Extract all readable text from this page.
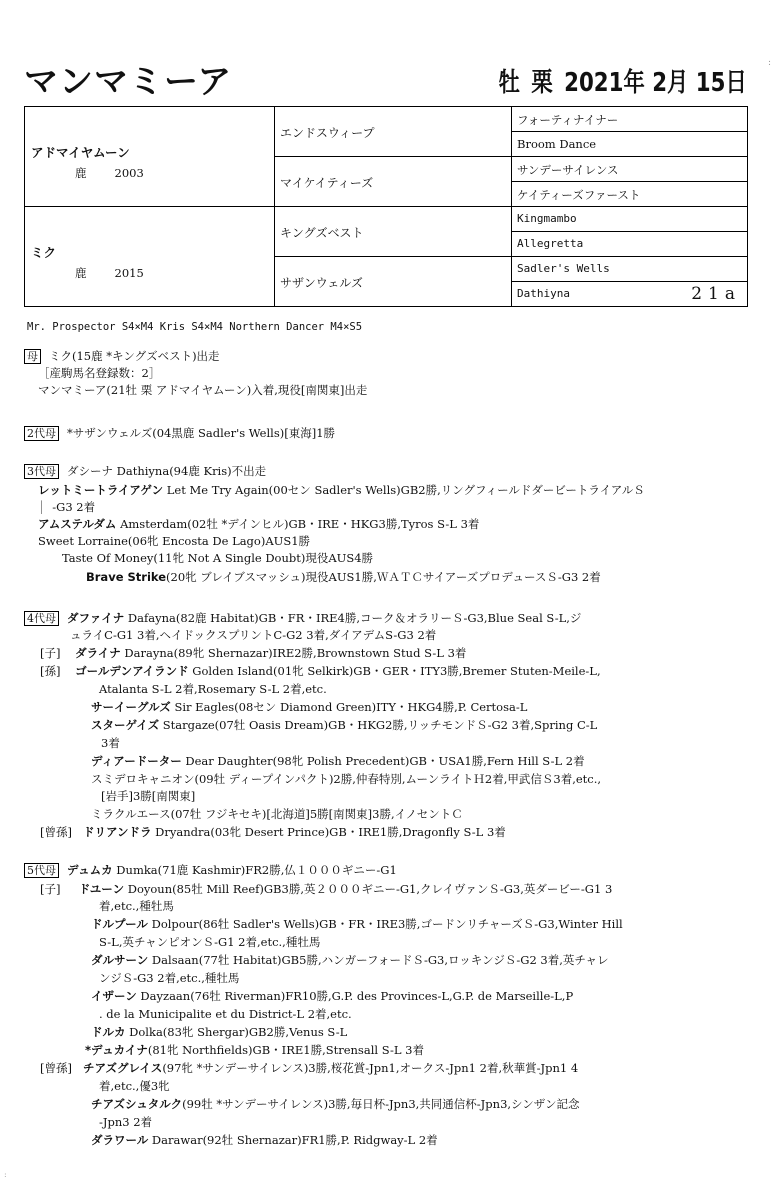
マンマミーア	牡 栗 2021年 2月 15日
:
アドマイヤムーン
鹿 2003
ミク
鹿 2015
エンドスウィープ
マイケイティーズ
キングズベスト
サザンウェルズ
フォーティナイナー
Broom Dance
サンデーサイレンス
ケイティーズファースト
Kingmambo
Allegretta
Sadler's Wells
Dathiyna	21a
Mr. Prospector S4×M4 Kris S4×M4 Northern Dancer M4×S5
母 ミク(15鹿 *キングズベスト)出走
［産駒馬名登録数：2］
マンマミーア(21牡 栗 アドマイヤムーン)入着,現役[南関東]出走
2代母 *サザンウェルズ(04黒鹿 Sadler's Wells)[東海]1勝
3代母 ダシーナ Dathiyna(94鹿 Kris)不出走
レットミートライアゲン Let Me Try Again(00セン Sadler's Wells)GB2勝,リングフィールドダービートライアルＳ
│ -G3 2着
アムステルダム Amsterdam(02牡 *デインヒル)GB・IRE・HKG3勝,Tyros S-L 3着
Sweet Lorraine(06牝 Encosta De Lago)AUS1勝
Taste Of Money(11牝 Not A Single Doubt)現役AUS4勝
Brave Strike(20牝 ブレイブスマッシュ)現役AUS1勝,ＷＡＴＣサイアーズプロデュースＳ-G3 2着
4代母 ダファイナ Dafayna(82鹿 Habitat)GB・FR・IRE4勝,コーク＆オラリーＳ-G3,Blue Seal S-L,ジ
ュライC-G1 3着,ヘイドックスプリントC-G2 3着,ダイアデムS-G3 2着
[子] ダライナ Darayna(89牝 Shernazar)IRE2勝,Brownstown Stud S-L 3着
[孫] ゴールデンアイランド Golden Island(01牝 Selkirk)GB・GER・ITY3勝,Bremer Stuten-Meile-L,
Atalanta S-L 2着,Rosemary S-L 2着,etc.
サーイーグルズ Sir Eagles(08セン Diamond Green)ITY・HKG4勝,P. Certosa-L
スターゲイズ Stargaze(07牡 Oasis Dream)GB・HKG2勝,リッチモンドＳ-G2 3着,Spring C-L
3着
ディアードーター Dear Daughter(98牝 Polish Precedent)GB・USA1勝,Fern Hill S-L 2着
スミデロキャニオン(09牡 ディープインパクト)2勝,仲春特別,ムーンライトＨ2着,甲武信Ｓ3着,etc.,
[岩手]3勝[南関東]
ミラクルエース(07牡 フジキセキ)[北海道]5勝[南関東]3勝,イノセントＣ
[曾孫] ドリアンドラ Dryandra(03牝 Desert Prince)GB・IRE1勝,Dragonfly S-L 3着
5代母 デュムカ Dumka(71鹿 Kashmir)FR2勝,仏１０００ギニー-G1
[子] ドユーン Doyoun(85牡 Mill Reef)GB3勝,英２０００ギニー-G1,クレイヴァンＳ-G3,英ダービー-G1 3
着,etc.,種牡馬
ドルプール Dolpour(86牡 Sadler's Wells)GB・FR・IRE3勝,ゴードンリチャーズＳ-G3,Winter Hill
S-L,英チャンピオンＳ-G1 2着,etc.,種牡馬
ダルサーン Dalsaan(77牡 Habitat)GB5勝,ハンガーフォードＳ-G3,ロッキンジＳ-G2 3着,英チャレ
ンジＳ-G3 2着,etc.,種牡馬
イザーン Dayzaan(76牡 Riverman)FR10勝,G.P. des Provinces-L,G.P. de Marseille-L,P
. de la Municipalite et du District-L 2着,etc.
ドルカ Dolka(83牝 Shergar)GB2勝,Venus S-L
*デュカイナ(81牝 Northfields)GB・IRE1勝,Strensall S-L 3着
[曾孫] チアズグレイス(97牝 *サンデーサイレンス)3勝,桜花賞-Jpn1,オークス-Jpn1 2着,秋華賞-Jpn1 4
着,etc.,優3牝
チアズシュタルク(99牡 *サンデーサイレンス)3勝,毎日杯-Jpn3,共同通信杯-Jpn3,シンザン記念
-Jpn3 2着
ダラワール Darawar(92牡 Shernazar)FR1勝,P. Ridgway-L 2着
:
